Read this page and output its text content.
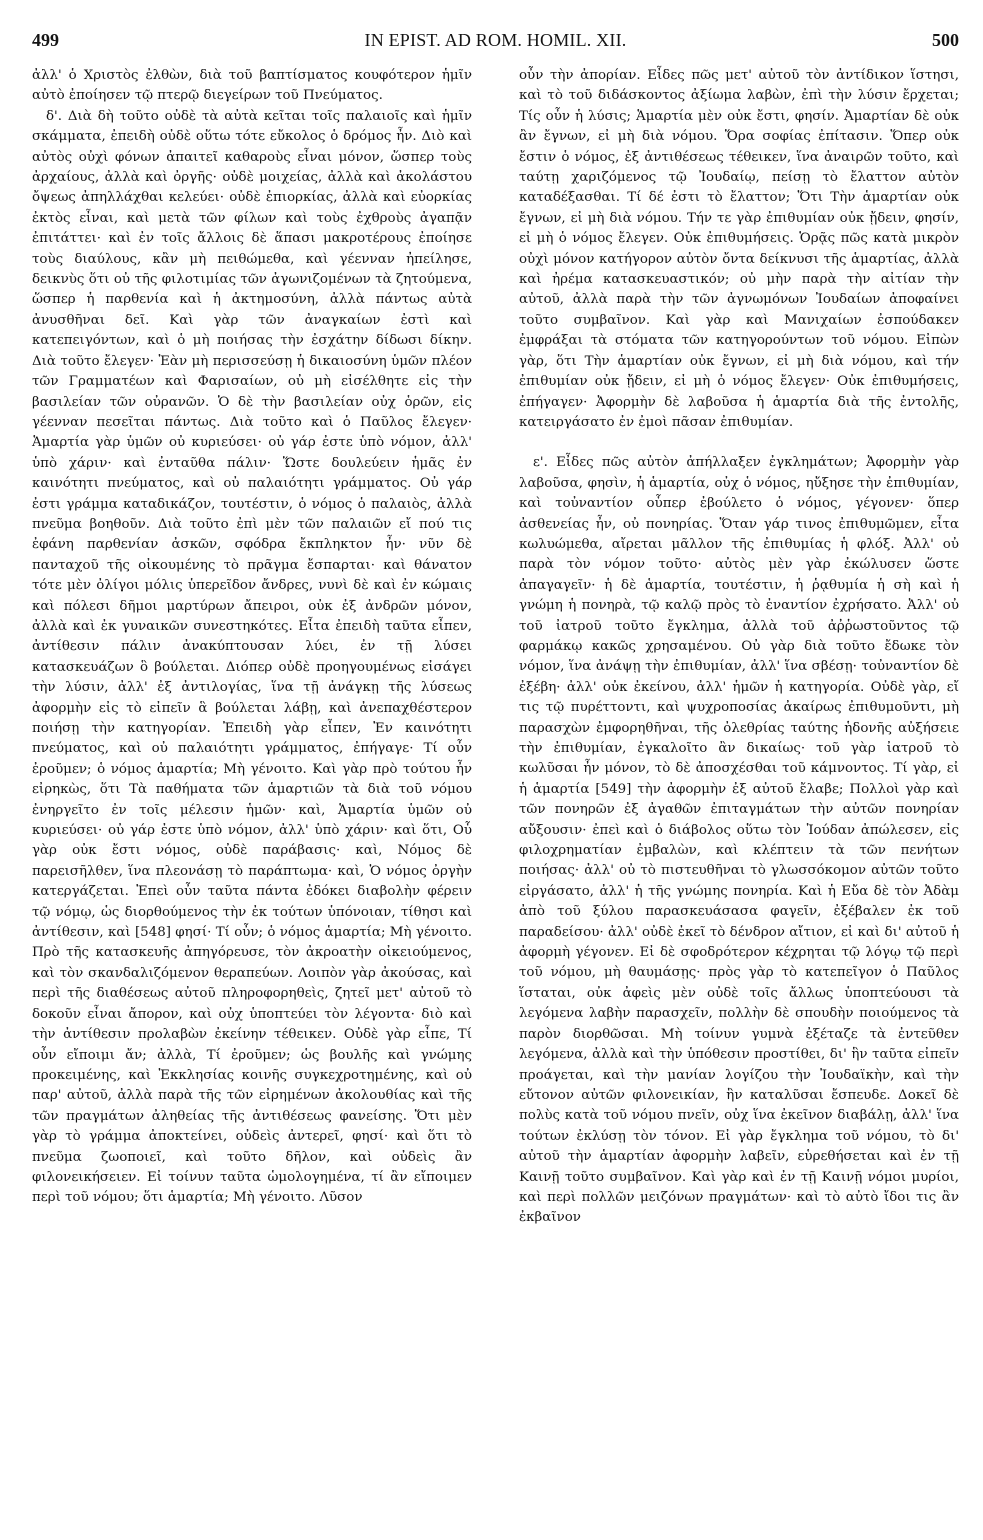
499	IN EPIST. AD ROM. HOMIL. XII.	500

ἀλλ' ὁ Χριστὸς ἐλθὼν, διὰ τοῦ βαπτίσματος κουφότερον ἡμῖν αὐτὸ ἐποίησεν τῷ πτερῷ διεγείρων τοῦ Πνεύματος.

δ'. Διὰ δὴ τοῦτο οὐδὲ τὰ αὐτὰ κεῖται τοῖς παλαιοῖς καὶ ἡμῖν σκάμματα, ἐπειδὴ οὐδὲ οὕτω τότε εὔκολος ὁ δρόμος ἦν. Διὸ καὶ αὐτὸς οὐχὶ φόνων ἀπαιτεῖ καθαροὺς εἶναι μόνον, ὥσπερ τοὺς ἀρχαίους, ἀλλὰ καὶ ὀργῆς· οὐδὲ μοιχείας, ἀλλὰ καὶ ἀκολάστου ὄψεως ἀπηλλάχθαι κελεύει· οὐδὲ ἐπιορκίας, ἀλλὰ καὶ εὐορκίας ἐκτὸς εἶναι, καὶ μετὰ τῶν φίλων καὶ τοὺς ἐχθροὺς ἀγαπᾷν ἐπιτάττει· καὶ ἐν τοῖς ἄλλοις δὲ ἅπασι μακροτέρους ἐποίησε τοὺς διαύλους, κἂν μὴ πειθώμεθα, καὶ γέενναν ἠπείλησε, δεικνὺς ὅτι οὐ τῆς φιλοτιμίας τῶν ἀγωνιζομένων τὰ ζητούμενα, ὥσπερ ἡ παρθενία καὶ ἡ ἀκτημοσύνη, ἀλλὰ πάντως αὐτὰ ἀνυσθῆναι δεῖ. Καὶ γὰρ τῶν ἀναγκαίων ἐστὶ καὶ κατεπειγόντων, καὶ ὁ μὴ ποιήσας τὴν ἐσχάτην δίδωσι δίκην. Διὰ τοῦτο ἔλεγεν· Ἐὰν μὴ περισσεύσῃ ἡ δικαιοσύνη ὑμῶν πλέον τῶν Γραμματέων καὶ Φαρισαίων, οὐ μὴ εἰσέλθητε εἰς τὴν βασιλείαν τῶν οὐρανῶν. Ὁ δὲ τὴν βασιλείαν οὐχ ὁρῶν, εἰς γέενναν πεσεῖται πάντως. Διὰ τοῦτο καὶ ὁ Παῦλος ἔλεγεν· Ἁμαρτία γὰρ ὑμῶν οὐ κυριεύσει· οὐ γάρ ἐστε ὑπὸ νόμον, ἀλλ' ὑπὸ χάριν· καὶ ἐνταῦθα πάλιν· Ὥστε δουλεύειν ἡμᾶς ἐν καινότητι πνεύματος, καὶ οὐ παλαιότητι γράμματος. Οὐ γάρ ἐστι γράμμα καταδικάζον, τουτέστιν, ὁ νόμος ὁ παλαιὸς, ἀλλὰ πνεῦμα βοηθοῦν. Διὰ τοῦτο ἐπὶ μὲν τῶν παλαιῶν εἴ πού τις ἐφάνη παρθενίαν ἀσκῶν, σφόδρα ἔκπληκτον ἦν· νῦν δὲ πανταχοῦ τῆς οἰκουμένης τὸ πρᾶγμα ἔσπαρται· καὶ θάνατον τότε μὲν ὀλίγοι μόλις ὑπερεῖδον ἄνδρες, νυνὶ δὲ καὶ ἐν κώμαις καὶ πόλεσι δῆμοι μαρτύρων ἄπειροι, οὐκ ἐξ ἀνδρῶν μόνον, ἀλλὰ καὶ ἐκ γυναικῶν συνεστηκότες. Εἶτα ἐπειδὴ ταῦτα εἶπεν, ἀντίθεσιν πάλιν ἀνακύπτουσαν λύει, ἐν τῇ λύσει κατασκευάζων ὃ βούλεται. Διόπερ οὐδὲ προηγουμένως εἰσάγει τὴν λύσιν, ἀλλ' ἐξ ἀντιλογίας, ἵνα τῇ ἀνάγκῃ τῆς λύσεως ἀφορμὴν εἰς τὸ εἰπεῖν ἃ βούλεται λάβῃ, καὶ ἀνεπαχθέστερον ποιήσῃ τὴν κατηγορίαν. Ἐπειδὴ γὰρ εἶπεν, Ἐν καινότητι πνεύματος, καὶ οὐ παλαιότητι γράμματος, ἐπήγαγε· Τί οὖν ἐροῦμεν; ὁ νόμος ἁμαρτία; Μὴ γένοιτο. Καὶ γὰρ πρὸ τούτου ἦν εἰρηκὼς, ὅτι Τὰ παθήματα τῶν ἁμαρτιῶν τὰ διὰ τοῦ νόμου ἐνηργεῖτο ἐν τοῖς μέλεσιν ἡμῶν· καὶ, Ἁμαρτία ὑμῶν οὐ κυριεύσει· οὐ γάρ ἐστε ὑπὸ νόμον, ἀλλ' ὑπὸ χάριν· καὶ ὅτι, Οὗ γὰρ οὐκ ἔστι νόμος, οὐδὲ παράβασις· καὶ, Νόμος δὲ παρεισῆλθεν, ἵνα πλεονάσῃ τὸ παράπτωμα· καὶ, Ὁ νόμος ὀργὴν κατεργάζεται. Ἐπεὶ οὖν ταῦτα πάντα ἐδόκει διαβολὴν φέρειν τῷ νόμῳ, ὡς διορθούμενος τὴν ἐκ τούτων ὑπόνοιαν, τίθησι καὶ ἀντίθεσιν, καὶ [548] φησί· Τί οὖν; ὁ νόμος ἁμαρτία; Μὴ γένοιτο. Πρὸ τῆς κατασκευῆς ἀπηγόρευσε, τὸν ἀκροατὴν οἰκειούμενος, καὶ τὸν σκανδαλιζόμενον θεραπεύων. Λοιπὸν γὰρ ἀκούσας, καὶ περὶ τῆς διαθέσεως αὐτοῦ πληροφορηθεὶς, ζητεῖ μετ' αὐτοῦ τὸ δοκοῦν εἶναι ἄπορον, καὶ οὐχ ὑποπτεύει τὸν λέγοντα· διὸ καὶ τὴν ἀντίθεσιν προλαβὼν ἐκείνην τέθεικεν. Οὐδὲ γὰρ εἶπε, Τί οὖν εἴποιμι ἄν; ἀλλὰ, Τί ἐροῦμεν; ὡς βουλῆς καὶ γνώμης προκειμένης, καὶ Ἐκκλησίας κοινῆς συγκεχροτημένης, καὶ οὐ παρ' αὐτοῦ, ἀλλὰ παρὰ τῆς τῶν εἰρημένων ἀκολουθίας καὶ τῆς τῶν πραγμάτων ἀληθείας τῆς ἀντιθέσεως φανείσης. Ὅτι μὲν γὰρ τὸ γράμμα ἀποκτείνει, οὐδεὶς ἀντερεῖ, φησί· καὶ ὅτι τὸ πνεῦμα ζωοποιεῖ, καὶ τοῦτο δῆλον, καὶ οὐδεὶς ἂν φιλονεικήσειεν. Εἰ τοίνυν ταῦτα ὡμολογημένα, τί ἂν εἴποιμεν περὶ τοῦ νόμου; ὅτι ἁμαρτία; Μὴ γένοιτο. Λῦσον

οὖν τὴν ἀπορίαν. Εἶδες πῶς μετ' αὐτοῦ τὸν ἀντίδικον ἵστησι, καὶ τὸ τοῦ διδάσκοντος ἀξίωμα λαβὼν, ἐπὶ τὴν λύσιν ἔρχεται; Τίς οὖν ἡ λύσις; Ἁμαρτία μὲν οὐκ ἔστι, φησίν. Ἀμαρτίαν δὲ οὐκ ἂν ἔγνων, εἰ μὴ διὰ νόμου. Ὅρα σοφίας ἐπίτασιν. Ὅπερ οὐκ ἔστιν ὁ νόμος, ἐξ ἀντιθέσεως τέθεικεν, ἵνα ἀναιρῶν τοῦτο, καὶ ταύτῃ χαριζόμενος τῷ Ἰουδαίῳ, πείσῃ τὸ ἔλαττον αὐτὸν καταδέξασθαι. Τί δέ ἐστι τὸ ἔλαττον; Ὅτι Τὴν ἁμαρτίαν οὐκ ἔγνων, εἰ μὴ διὰ νόμου. Τήν τε γὰρ ἐπιθυμίαν οὐκ ᾔδειν, φησίν, εἰ μὴ ὁ νόμος ἔλεγεν. Οὐκ ἐπιθυμήσεις. Ὁρᾷς πῶς κατὰ μικρὸν οὐχὶ μόνον κατήγορον αὐτὸν ὄντα δείκνυσι τῆς ἁμαρτίας, ἀλλὰ καὶ ἠρέμα κατασκευαστικόν; οὐ μὴν παρὰ τὴν αἰτίαν τὴν αὐτοῦ, ἀλλὰ παρὰ τὴν τῶν ἀγνωμόνων Ἰουδαίων ἀποφαίνει τοῦτο συμβαῖνον. Καὶ γὰρ καὶ Μανιχαίων ἐσπούδακεν ἐμφράξαι τὰ στόματα τῶν κατηγορούντων τοῦ νόμου. Εἰπὼν γὰρ, ὅτι Τὴν ἁμαρτίαν οὐκ ἔγνων, εἰ μὴ διὰ νόμου, καὶ τήν ἐπιθυμίαν οὐκ ᾔδειν, εἰ μὴ ὁ νόμος ἔλεγεν· Οὐκ ἐπιθυμήσεις, ἐπήγαγεν· Ἀφορμὴν δὲ λαβοῦσα ἡ ἁμαρτία διὰ τῆς ἐντολῆς, κατειργάσατο ἐν ἐμοὶ πᾶσαν ἐπιθυμίαν.

ε'. Εἶδες πῶς αὐτὸν ἀπήλλαξεν ἐγκλημάτων; Ἀφορμὴν γὰρ λαβοῦσα, φησὶν, ἡ ἁμαρτία, οὐχ ὁ νόμος, ηὔξησε τὴν ἐπιθυμίαν, καὶ τοὐναντίον οὗπερ ἐβούλετο ὁ νόμος, γέγονεν· ὅπερ ἀσθενείας ἦν, οὐ πονηρίας. Ὅταν γάρ τινος ἐπιθυμῶμεν, εἶτα κωλυώμεθα, αἴρεται μᾶλλον τῆς ἐπιθυμίας ἡ φλόξ. Ἀλλ' οὐ παρὰ τὸν νόμον τοῦτο· αὐτὸς μὲν γὰρ ἐκώλυσεν ὥστε ἀπαγαγεῖν· ἡ δὲ ἁμαρτία, τουτέστιν, ἡ ῥᾳθυμία ἡ σὴ καὶ ἡ γνώμη ἡ πονηρὰ, τῷ καλῷ πρὸς τὸ ἐναντίον ἐχρήσατο. Ἀλλ' οὐ τοῦ ἰατροῦ τοῦτο ἔγκλημα, ἀλλὰ τοῦ ἀῤῥωστοῦντος τῷ φαρμάκῳ κακῶς χρησαμένου. Οὐ γὰρ διὰ τοῦτο ἔδωκε τὸν νόμον, ἵνα ἀνάψῃ τὴν ἐπιθυμίαν, ἀλλ' ἵνα σβέσῃ· τοὐναντίον δὲ ἐξέβη· ἀλλ' οὐκ ἐκείνου, ἀλλ' ἡμῶν ἡ κατηγορία. Οὐδὲ γὰρ, εἴ τις τῷ πυρέττοντι, καὶ ψυχροποσίας ἀκαίρως ἐπιθυμοῦντι, μὴ παρασχὼν ἐμφορηθῆναι, τῆς ὀλεθρίας ταύτης ἡδονῆς αὐξήσειε τὴν ἐπιθυμίαν, ἐγκαλοῖτο ἂν δικαίως· τοῦ γὰρ ἰατροῦ τὸ κωλῦσαι ἦν μόνον, τὸ δὲ ἀποσχέσθαι τοῦ κάμνοντος. Τί γὰρ, εἰ ἡ ἁμαρτία [549] τὴν ἀφορμὴν ἐξ αὐτοῦ ἔλαβε; Πολλοὶ γὰρ καὶ τῶν πονηρῶν ἐξ ἀγαθῶν ἐπιταγμάτων τὴν αὐτῶν πονηρίαν αὔξουσιν· ἐπεὶ καὶ ὁ διάβολος οὕτω τὸν Ἰούδαν ἀπώλεσεν, εἰς φιλοχρηματίαν ἐμβαλὼν, καὶ κλέπτειν τὰ τῶν πενήτων ποιήσας· ἀλλ' οὐ τὸ πιστευθῆναι τὸ γλωσσόκομον αὐτῶν τοῦτο εἰργάσατο, ἀλλ' ἡ τῆς γνώμης πονηρία. Καὶ ἡ Εὔα δὲ τὸν Ἀδὰμ ἀπὸ τοῦ ξύλου παρασκευάσασα φαγεῖν, ἐξέβαλεν ἐκ τοῦ παραδείσου· ἀλλ' οὐδὲ ἐκεῖ τὸ δένδρον αἴτιον, εἰ καὶ δι' αὐτοῦ ἡ ἀφορμὴ γέγονεν. Εἰ δὲ σφοδρότερον κέχρηται τῷ λόγῳ τῷ περὶ τοῦ νόμου, μὴ θαυμάσῃς· πρὸς γὰρ τὸ κατεπεῖγον ὁ Παῦλος ἵσταται, οὐκ ἀφεὶς μὲν οὐδὲ τοῖς ἄλλως ὑποπτεύουσι τὰ λεγόμενα λαβὴν παρασχεῖν, πολλὴν δὲ σπουδὴν ποιούμενος τὰ παρὸν διορθῶσαι. Μὴ τοίνυν γυμνὰ ἐξέταζε τὰ ἐντεῦθεν λεγόμενα, ἀλλὰ καὶ τὴν ὑπόθεσιν προστίθει, δι' ἣν ταῦτα εἰπεῖν προάγεται, καὶ τὴν μανίαν λογίζου τὴν Ἰουδαϊκὴν, καὶ τὴν εὔτονον αὐτῶν φιλονεικίαν, ἣν καταλῦσαι ἔσπευδε. Δοκεῖ δὲ πολὺς κατὰ τοῦ νόμου πνεῖν, οὐχ ἵνα ἐκεῖνον διαβάλῃ, ἀλλ' ἵνα τούτων ἐκλύσῃ τὸν τόνον. Εἰ γὰρ ἔγκλημα τοῦ νόμου, τὸ δι' αὐτοῦ τὴν ἁμαρτίαν ἀφορμὴν λαβεῖν, εὑρεθήσεται καὶ ἐν τῇ Καινῇ τοῦτο συμβαῖνον. Καὶ γὰρ καὶ ἐν τῇ Καινῇ νόμοι μυρίοι, καὶ περὶ πολλῶν μειζόνων πραγμάτων· καὶ τὸ αὐτὸ ἴδοι τις ἂν ἐκβαῖνον
